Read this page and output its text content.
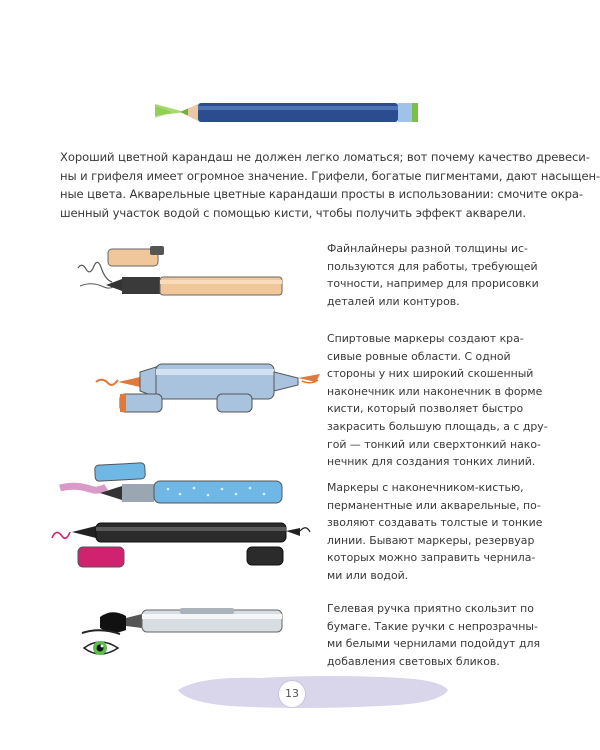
Хороший цветной карандаш не должен легко ломаться; вот почему качество древеси-
ны и грифеля имеет огромное значение. Грифели, богатые пигментами, дают насыщен-
ные цвета. Акварельные цветные карандаши просты в использовании: смочите окра-
шенный участок водой с помощью кисти, чтобы получить эффект акварели.
Файнлайнеры разной толщины ис-
пользуются для работы, требующей
точности, например для прорисовки
деталей или контуров.
Спиртовые маркеры создают кра-
сивые ровные области. С одной
стороны у них широкий скошенный
наконечник или наконечник в форме
кисти, который позволяет быстро
закрасить большую площадь, а с дру-
гой — тонкий или сверхтонкий нако-
нечник для создания тонких линий.
Маркеры с наконечником-кистью,
перманентные или акварельные, по-
зволяют создавать толстые и тонкие
линии. Бывают маркеры, резервуар
которых можно заправить чернила-
ми или водой.
Гелевая ручка приятно скользит по
бумаге. Такие ручки с непрозрачны-
ми белыми чернилами подойдут для
добавления световых бликов.
13
